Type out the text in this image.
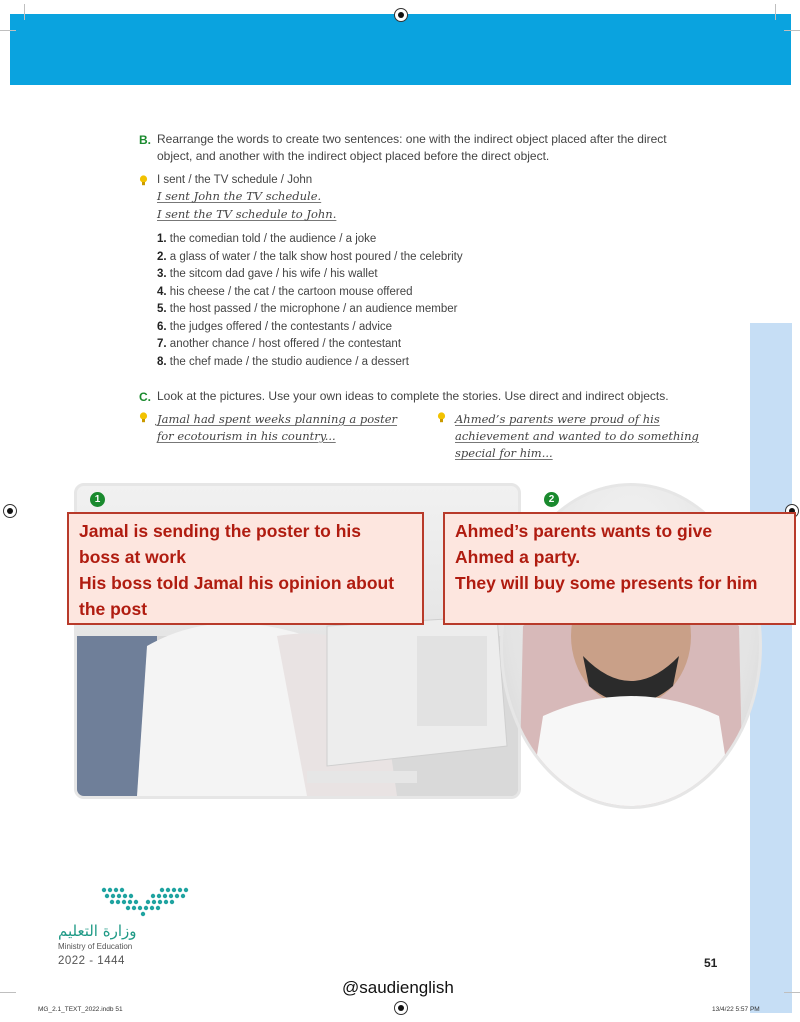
B. Rearrange the words to create two sentences: one with the indirect object placed after the direct
object, and another with the indirect object placed before the direct object.
I sent / the TV schedule / John
I sent John the TV schedule.
I sent the TV schedule to John.
1. the comedian told / the audience / a joke
2. a glass of water / the talk show host poured / the celebrity
3. the sitcom dad gave / his wife / his wallet
4. his cheese / the cat / the cartoon mouse offered
5. the host passed / the microphone / an audience member
6. the judges offered / the contestants / advice
7. another chance / host offered / the contestant
8. the chef made / the studio audience / a dessert
C. Look at the pictures. Use your own ideas to complete the stories. Use direct and indirect objects.
Jamal had spent weeks planning a poster
for ecotourism in his country...
Ahmed’s parents were proud of his
achievement and wanted to do something
special for him...
1	2
Jamal is sending the poster to his
boss at work
His boss told Jamal his opinion about
the post
Ahmed’s parents wants to give
Ahmed a party.
They will buy some presents for him
وزارة التعليم
Ministry of Education
2022 - 1444	51
@saudienglish
MG_2.1_TEXT_2022.indb 51	13/4/22 5:57 PM
